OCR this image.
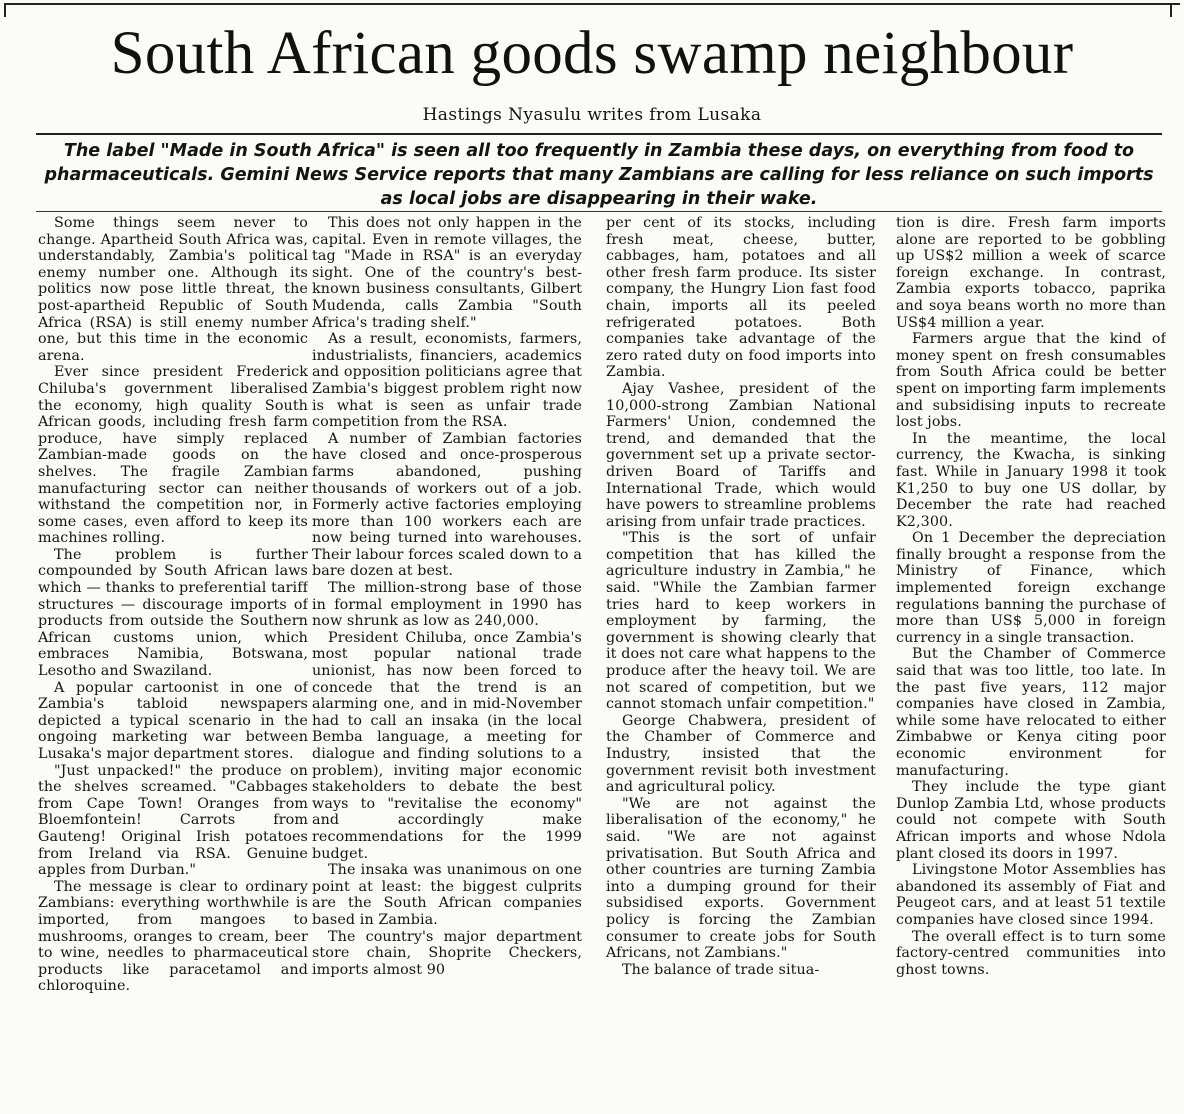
South African goods swamp neighbour
Hastings Nyasulu writes from Lusaka
The label "Made in South Africa" is seen all too frequently in Zambia these days, on everything from food to pharmaceuticals. Gemini News Service reports that many Zambians are calling for less reliance on such imports as local jobs are disappearing in their wake.

Some things seem never to change. Apartheid South Africa was, understandably, Zambia's political enemy number one. Although its politics now pose little threat, the post-apartheid Republic of South Africa (RSA) is still enemy number one, but this time in the economic arena.

Ever since president Frederick Chiluba's government liberalised the economy, high quality South African goods, including fresh farm produce, have simply replaced Zambian-made goods on the shelves. The fragile Zambian manufacturing sector can neither withstand the competition nor, in some cases, even afford to keep its machines rolling.

The problem is further compounded by South African laws which — thanks to preferential tariff structures — discourage imports of products from outside the Southern African customs union, which embraces Namibia, Botswana, Lesotho and Swaziland.

A popular cartoonist in one of Zambia's tabloid newspapers depicted a typical scenario in the ongoing marketing war between Lusaka's major department stores.

"Just unpacked!" the produce on the shelves screamed. "Cabbages from Cape Town! Oranges from Bloemfontein! Carrots from Gauteng! Original Irish potatoes from Ireland via RSA. Genuine apples from Durban."

The message is clear to ordinary Zambians: everything worthwhile is imported, from mangoes to mushrooms, oranges to cream, beer to wine, needles to pharmaceutical products like paracetamol and chloroquine.

This does not only happen in the capital. Even in remote villages, the tag "Made in RSA" is an everyday sight. One of the country's best-known business consultants, Gilbert Mudenda, calls Zambia "South Africa's trading shelf."

As a result, economists, farmers, industrialists, financiers, academics and opposition politicians agree that Zambia's biggest problem right now is what is seen as unfair trade competition from the RSA.

A number of Zambian factories have closed and once-prosperous farms abandoned, pushing thousands of workers out of a job. Formerly active factories employing more than 100 workers each are now being turned into warehouses. Their labour forces scaled down to a bare dozen at best.

The million-strong base of those in formal employment in 1990 has now shrunk as low as 240,000.

President Chiluba, once Zambia's most popular national trade unionist, has now been forced to concede that the trend is an alarming one, and in mid-November had to call an insaka (in the local Bemba language, a meeting for dialogue and finding solutions to a problem), inviting major economic stakeholders to debate the best ways to "revitalise the economy" and accordingly make recommendations for the 1999 budget.

The insaka was unanimous on one point at least: the biggest culprits are the South African companies based in Zambia.

The country's major department store chain, Shoprite Checkers, imports almost 90

per cent of its stocks, including fresh meat, cheese, butter, cabbages, ham, potatoes and all other fresh farm produce. Its sister company, the Hungry Lion fast food chain, imports all its peeled refrigerated potatoes. Both companies take advantage of the zero rated duty on food imports into Zambia.

Ajay Vashee, president of the 10,000-strong Zambian National Farmers' Union, condemned the trend, and demanded that the government set up a private sector-driven Board of Tariffs and International Trade, which would have powers to streamline problems arising from unfair trade practices.

"This is the sort of unfair competition that has killed the agriculture industry in Zambia," he said. "While the Zambian farmer tries hard to keep workers in employment by farming, the government is showing clearly that it does not care what happens to the produce after the heavy toil. We are not scared of competition, but we cannot stomach unfair competition."

George Chabwera, president of the Chamber of Commerce and Industry, insisted that the government revisit both investment and agricultural policy.

"We are not against the liberalisation of the economy," he said. "We are not against privatisation. But South Africa and other countries are turning Zambia into a dumping ground for their subsidised exports. Government policy is forcing the Zambian consumer to create jobs for South Africans, not Zambians."

The balance of trade situa-

tion is dire. Fresh farm imports alone are reported to be gobbling up US$2 million a week of scarce foreign exchange. In contrast, Zambia exports tobacco, paprika and soya beans worth no more than US$4 million a year.

Farmers argue that the kind of money spent on fresh consumables from South Africa could be better spent on importing farm implements and subsidising inputs to recreate lost jobs.

In the meantime, the local currency, the Kwacha, is sinking fast. While in January 1998 it took K1,250 to buy one US dollar, by December the rate had reached K2,300.

On 1 December the depreciation finally brought a response from the Ministry of Finance, which implemented foreign exchange regulations banning the purchase of more than US$ 5,000 in foreign currency in a single transaction.

But the Chamber of Commerce said that was too little, too late. In the past five years, 112 major companies have closed in Zambia, while some have relocated to either Zimbabwe or Kenya citing poor economic environment for manufacturing.

They include the type giant Dunlop Zambia Ltd, whose products could not compete with South African imports and whose Ndola plant closed its doors in 1997.

Livingstone Motor Assemblies has abandoned its assembly of Fiat and Peugeot cars, and at least 51 textile companies have closed since 1994.

The overall effect is to turn some factory-centred communities into ghost towns.
